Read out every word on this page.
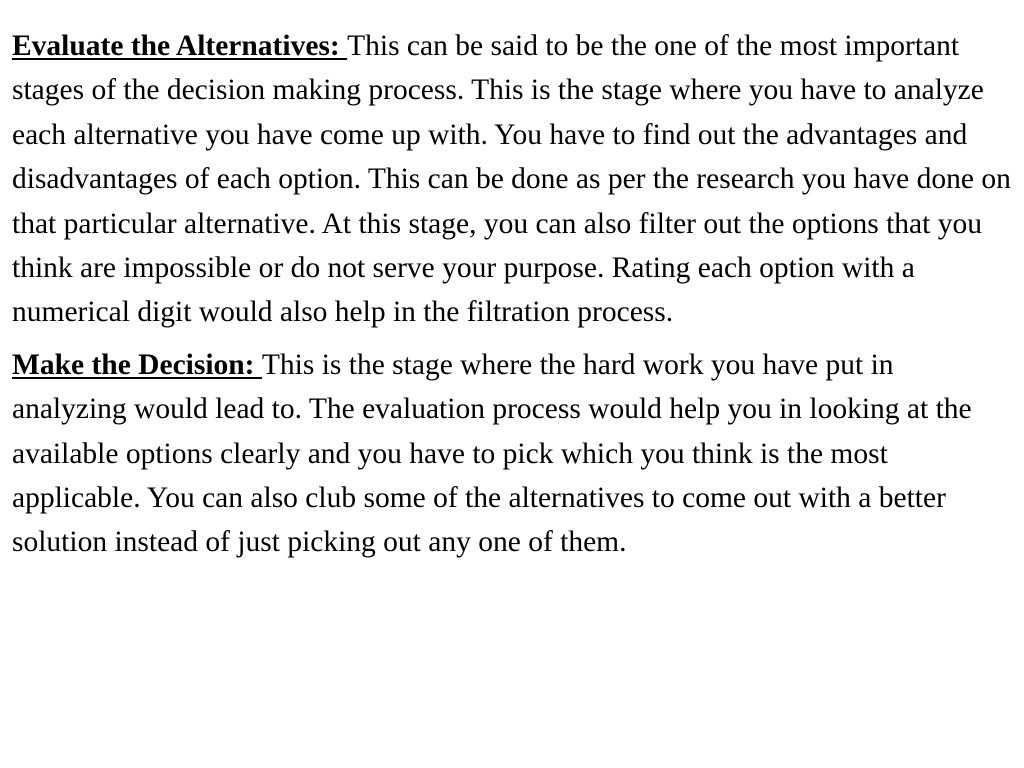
Evaluate the Alternatives: This can be said to be the one of the most important stages of the decision making process. This is the stage where you have to analyze each alternative you have come up with. You have to find out the advantages and disadvantages of each option. This can be done as per the research you have done on that particular alternative. At this stage, you can also filter out the options that you think are impossible or do not serve your purpose. Rating each option with a numerical digit would also help in the filtration process.

Make the Decision: This is the stage where the hard work you have put in analyzing would lead to. The evaluation process would help you in looking at the available options clearly and you have to pick which you think is the most applicable. You can also club some of the alternatives to come out with a better solution instead of just picking out any one of them.
